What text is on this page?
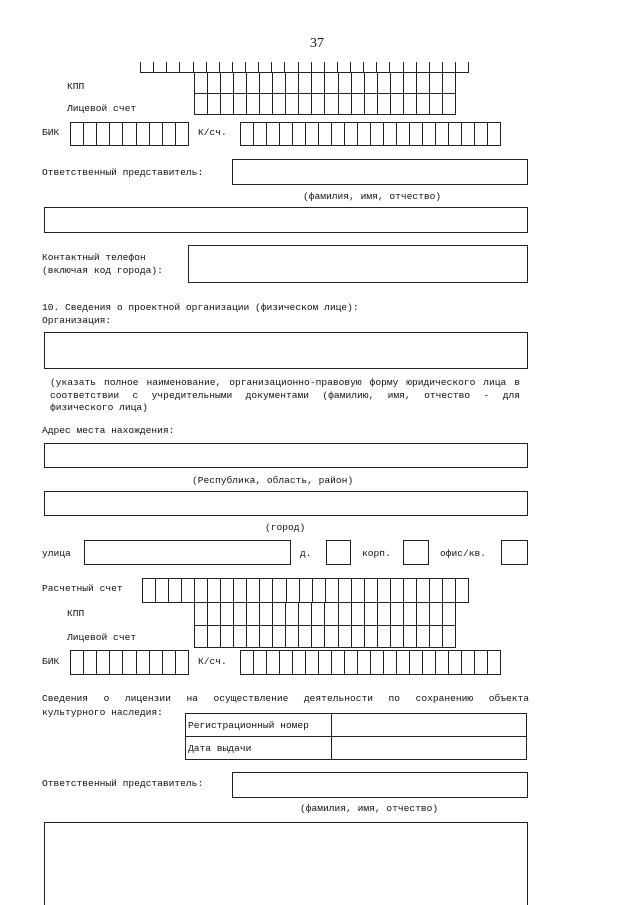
37
КПП
Лицевой счет
БИК	К/сч.
Ответственный представитель:
(фамилия, имя, отчество)
Контактный телефон
(включая код города):
10. Сведения о проектной организации (физическом лице):
Организация:
(указать полное наименование, организационно-правовую форму юридического лица в соответствии с учредительными документами (фамилию, имя, отчество - для физического лица)
Адрес места нахождения:
(Республика, область, район)
(город)
улица	д.	корп.	офис/кв.
Расчетный счет
КПП
Лицевой счет
БИК	К/сч.
Сведения о лицензии на осуществление деятельности по сохранению объекта
культурного наследия:
Регистрационный номер	
Дата выдачи	
Ответственный представитель:
(фамилия, имя, отчество)
